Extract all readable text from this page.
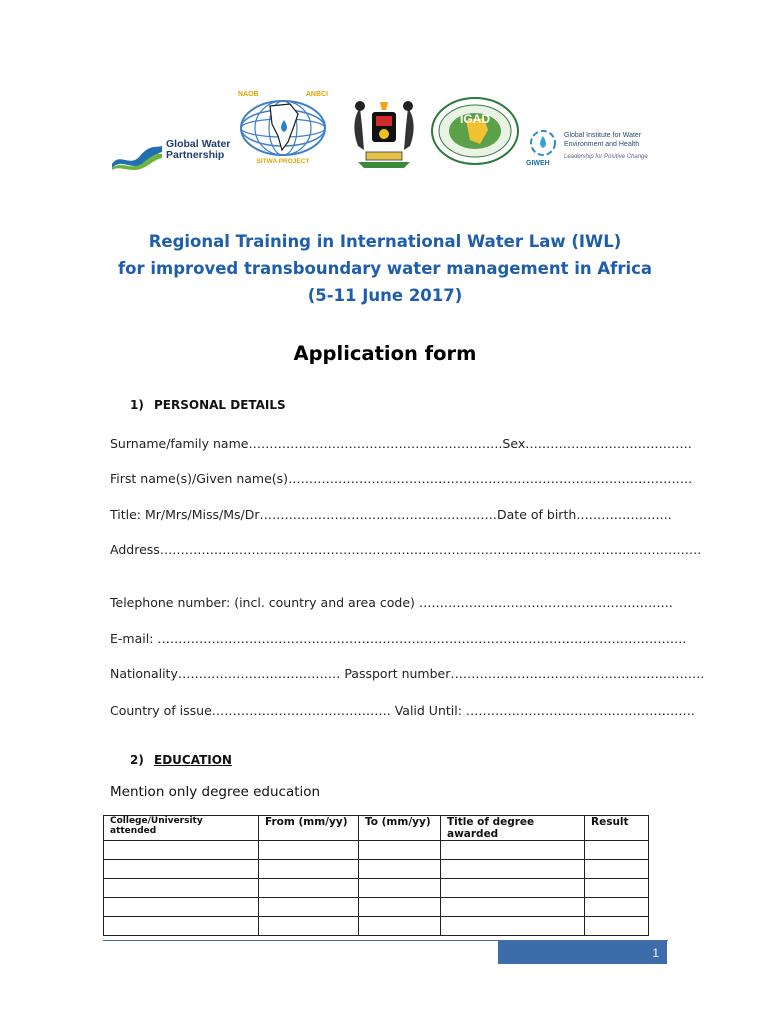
Global Water
Partnership
NAOB	ANBCI
SITWA PROJECT
IGAD
Global Institute for Water
Environment and Health
Leadership for Positive Change
GIWEH
Regional Training in International Water Law (IWL)
for improved transboundary water management in Africa
(5-11 June 2017)
Application form
1) PERSONAL DETAILS
Surname/family name…………………………………………………….Sex………………………………….
First name(s)/Given name(s)…………………………………………………………………………………….
Title: Mr/Mrs/Miss/Ms/Dr…………………………………………………Date of birth…………………..
Address………………………………………………………………………………………………………………….
Telephone number: (incl. country and area code) …………………………………………………….
E-mail: ……………………………………………………………………………………………………………….
Nationality………………………………… Passport number…………………………………………………….
Country of issue……………………………………. Valid Until: ……………………………………………….
2) EDUCATION
Mention only degree education
College/University attended	From (mm/yy)	To (mm/yy)	Title of degree awarded	Result

1
